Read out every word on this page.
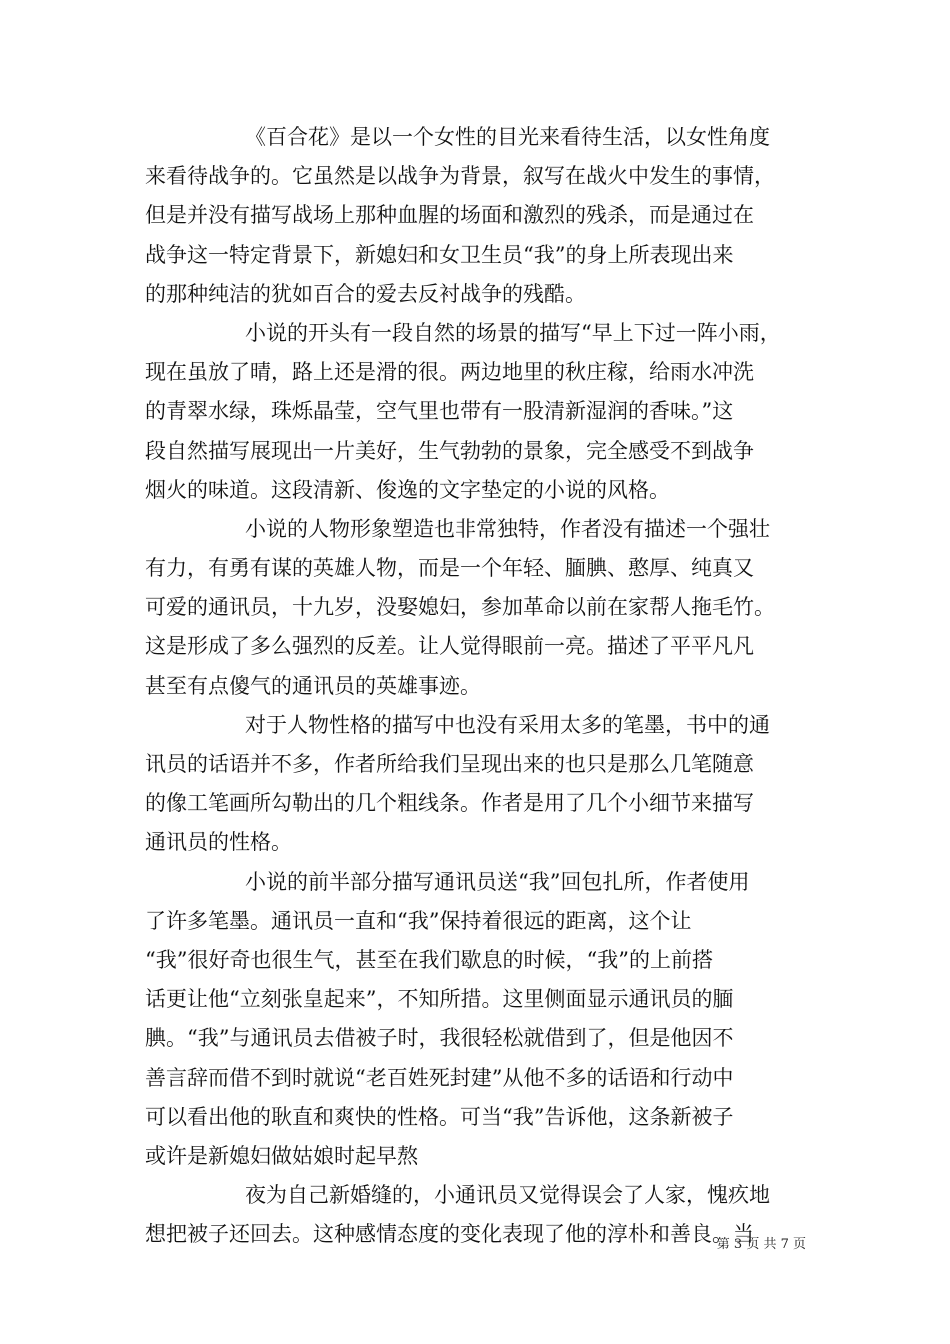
《百合花》是以一个女性的目光来看待生活，以女性角度
来看待战争的。它虽然是以战争为背景，叙写在战火中发生的事情，
但是并没有描写战场上那种血腥的场面和激烈的残杀，而是通过在
战争这一特定背景下，新媳妇和女卫生员“我”的身上所表现出来
的那种纯洁的犹如百合的爱去反衬战争的残酷。
小说的开头有一段自然的场景的描写“早上下过一阵小雨，
现在虽放了晴，路上还是滑的很。两边地里的秋庄稼，给雨水冲洗
的青翠水绿，珠烁晶莹，空气里也带有一股清新湿润的香味。”这
段自然描写展现出一片美好，生气勃勃的景象，完全感受不到战争
烟火的味道。这段清新、俊逸的文字垫定的小说的风格。
小说的人物形象塑造也非常独特，作者没有描述一个强壮
有力，有勇有谋的英雄人物，而是一个年轻、腼腆、憨厚、纯真又
可爱的通讯员，十九岁，没娶媳妇，参加革命以前在家帮人拖毛竹。
这是形成了多么强烈的反差。让人觉得眼前一亮。描述了平平凡凡
甚至有点傻气的通讯员的英雄事迹。
对于人物性格的描写中也没有采用太多的笔墨，书中的通
讯员的话语并不多，作者所给我们呈现出来的也只是那么几笔随意
的像工笔画所勾勒出的几个粗线条。作者是用了几个小细节来描写
通讯员的性格。
小说的前半部分描写通讯员送“我”回包扎所，作者使用
了许多笔墨。通讯员一直和“我”保持着很远的距离，这个让
“我”很好奇也很生气，甚至在我们歇息的时候，“我”的上前搭
话更让他“立刻张皇起来”，不知所措。这里侧面显示通讯员的腼
腆。“我”与通讯员去借被子时，我很轻松就借到了，但是他因不
善言辞而借不到时就说“老百姓死封建”从他不多的话语和行动中
可以看出他的耿直和爽快的性格。可当“我”告诉他，这条新被子
或许是新媳妇做姑娘时起早熬
夜为自己新婚缝的，小通讯员又觉得误会了人家，愧疚地
想把被子还回去。这种感情态度的变化表现了他的淳朴和善良。当
第 3 页 共 7 页
